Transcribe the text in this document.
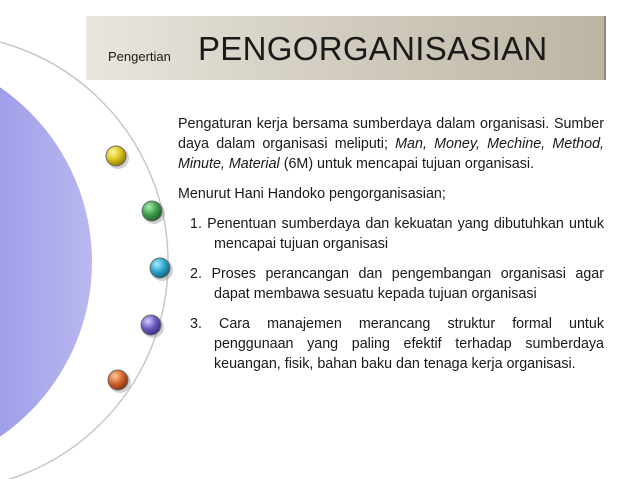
Pengertian PENGORGANISASIAN
Pengaturan kerja bersama sumberdaya dalam organisasi. Sumber daya dalam organisasi meliputi; Man, Money, Mechine, Method, Minute, Material (6M) untuk mencapai tujuan organisasi.
Menurut Hani Handoko pengorganisasian;
1. Penentuan sumberdaya dan kekuatan yang dibutuhkan untuk mencapai tujuan organisasi
2. Proses perancangan dan pengembangan organisasi agar dapat membawa sesuatu kepada tujuan organisasi
3. Cara manajemen merancang struktur formal untuk penggunaan yang paling efektif terhadap sumberdaya keuangan, fisik, bahan baku dan tenaga kerja organisasi.
